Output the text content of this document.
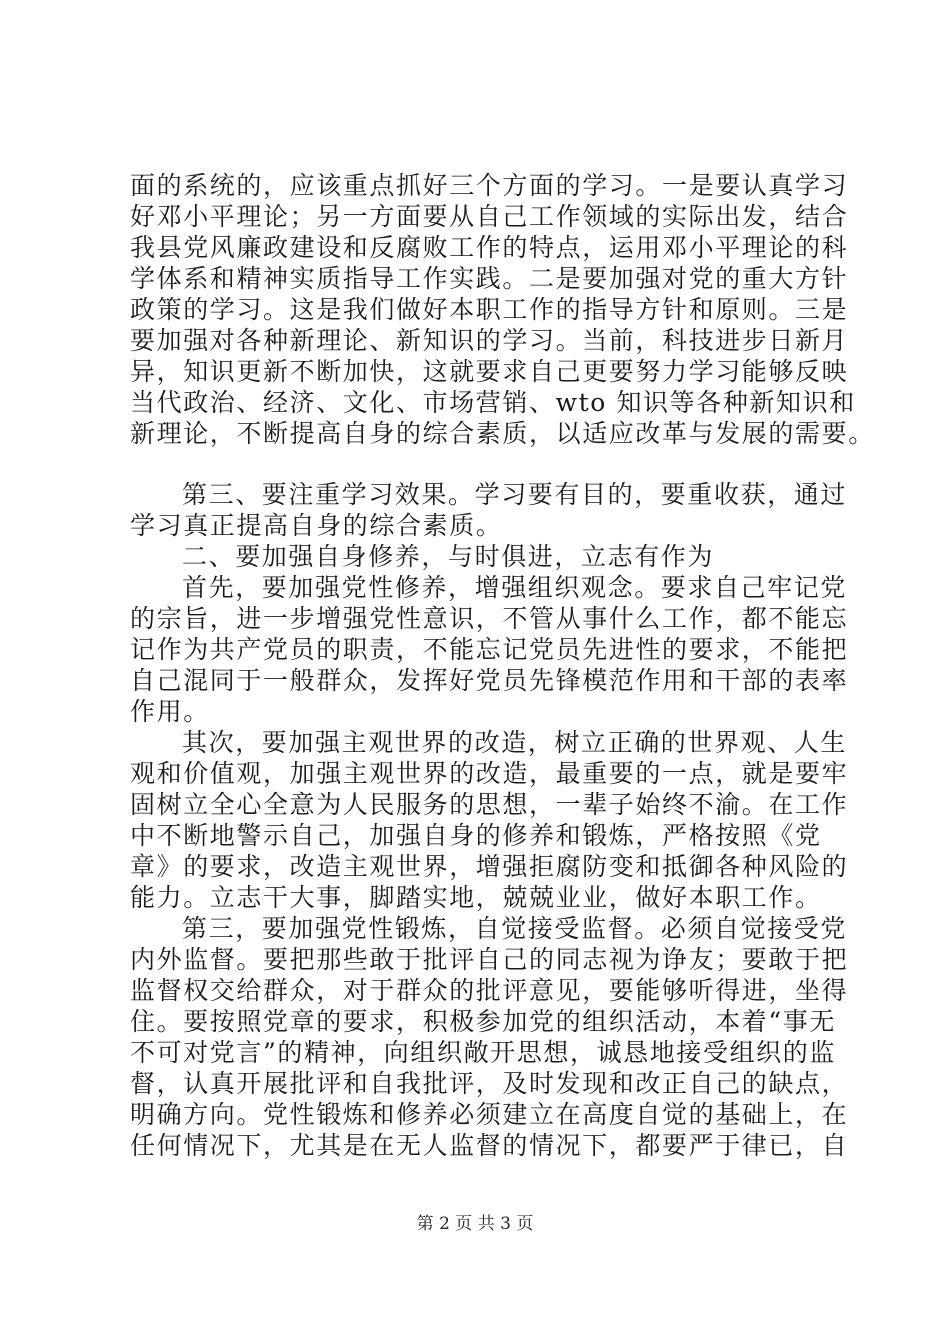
面的系统的，应该重点抓好三个方面的学习。一是要认真学习
好邓小平理论；另一方面要从自己工作领域的实际出发，结合
我县党风廉政建设和反腐败工作的特点，运用邓小平理论的科
学体系和精神实质指导工作实践。二是要加强对党的重大方针
政策的学习。这是我们做好本职工作的指导方针和原则。三是
要加强对各种新理论、新知识的学习。当前，科技进步日新月
异，知识更新不断加快，这就要求自己更要努力学习能够反映
当代政治、经济、文化、市场营销、wto 知识等各种新知识和
新理论，不断提高自身的综合素质，以适应改革与发展的需要。
第三、要注重学习效果。学习要有目的，要重收获，通过
学习真正提高自身的综合素质。
二、要加强自身修养，与时俱进，立志有作为
首先，要加强党性修养，增强组织观念。要求自己牢记党
的宗旨，进一步增强党性意识，不管从事什么工作，都不能忘
记作为共产党员的职责，不能忘记党员先进性的要求，不能把
自己混同于一般群众，发挥好党员先锋模范作用和干部的表率
作用。
其次，要加强主观世界的改造，树立正确的世界观、人生
观和价值观，加强主观世界的改造，最重要的一点，就是要牢
固树立全心全意为人民服务的思想，一辈子始终不渝。在工作
中不断地警示自己，加强自身的修养和锻炼，严格按照《党
章》的要求，改造主观世界，增强拒腐防变和抵御各种风险的
能力。立志干大事，脚踏实地，兢兢业业，做好本职工作。
第三，要加强党性锻炼，自觉接受监督。必须自觉接受党
内外监督。要把那些敢于批评自己的同志视为诤友；要敢于把
监督权交给群众，对于群众的批评意见，要能够听得进，坐得
住。要按照党章的要求，积极参加党的组织活动，本着“事无
不可对党言”的精神，向组织敞开思想，诚恳地接受组织的监
督，认真开展批评和自我批评，及时发现和改正自己的缺点，
明确方向。党性锻炼和修养必须建立在高度自觉的基础上，在
任何情况下，尤其是在无人监督的情况下，都要严于律已，自
第 2 页 共 3 页
